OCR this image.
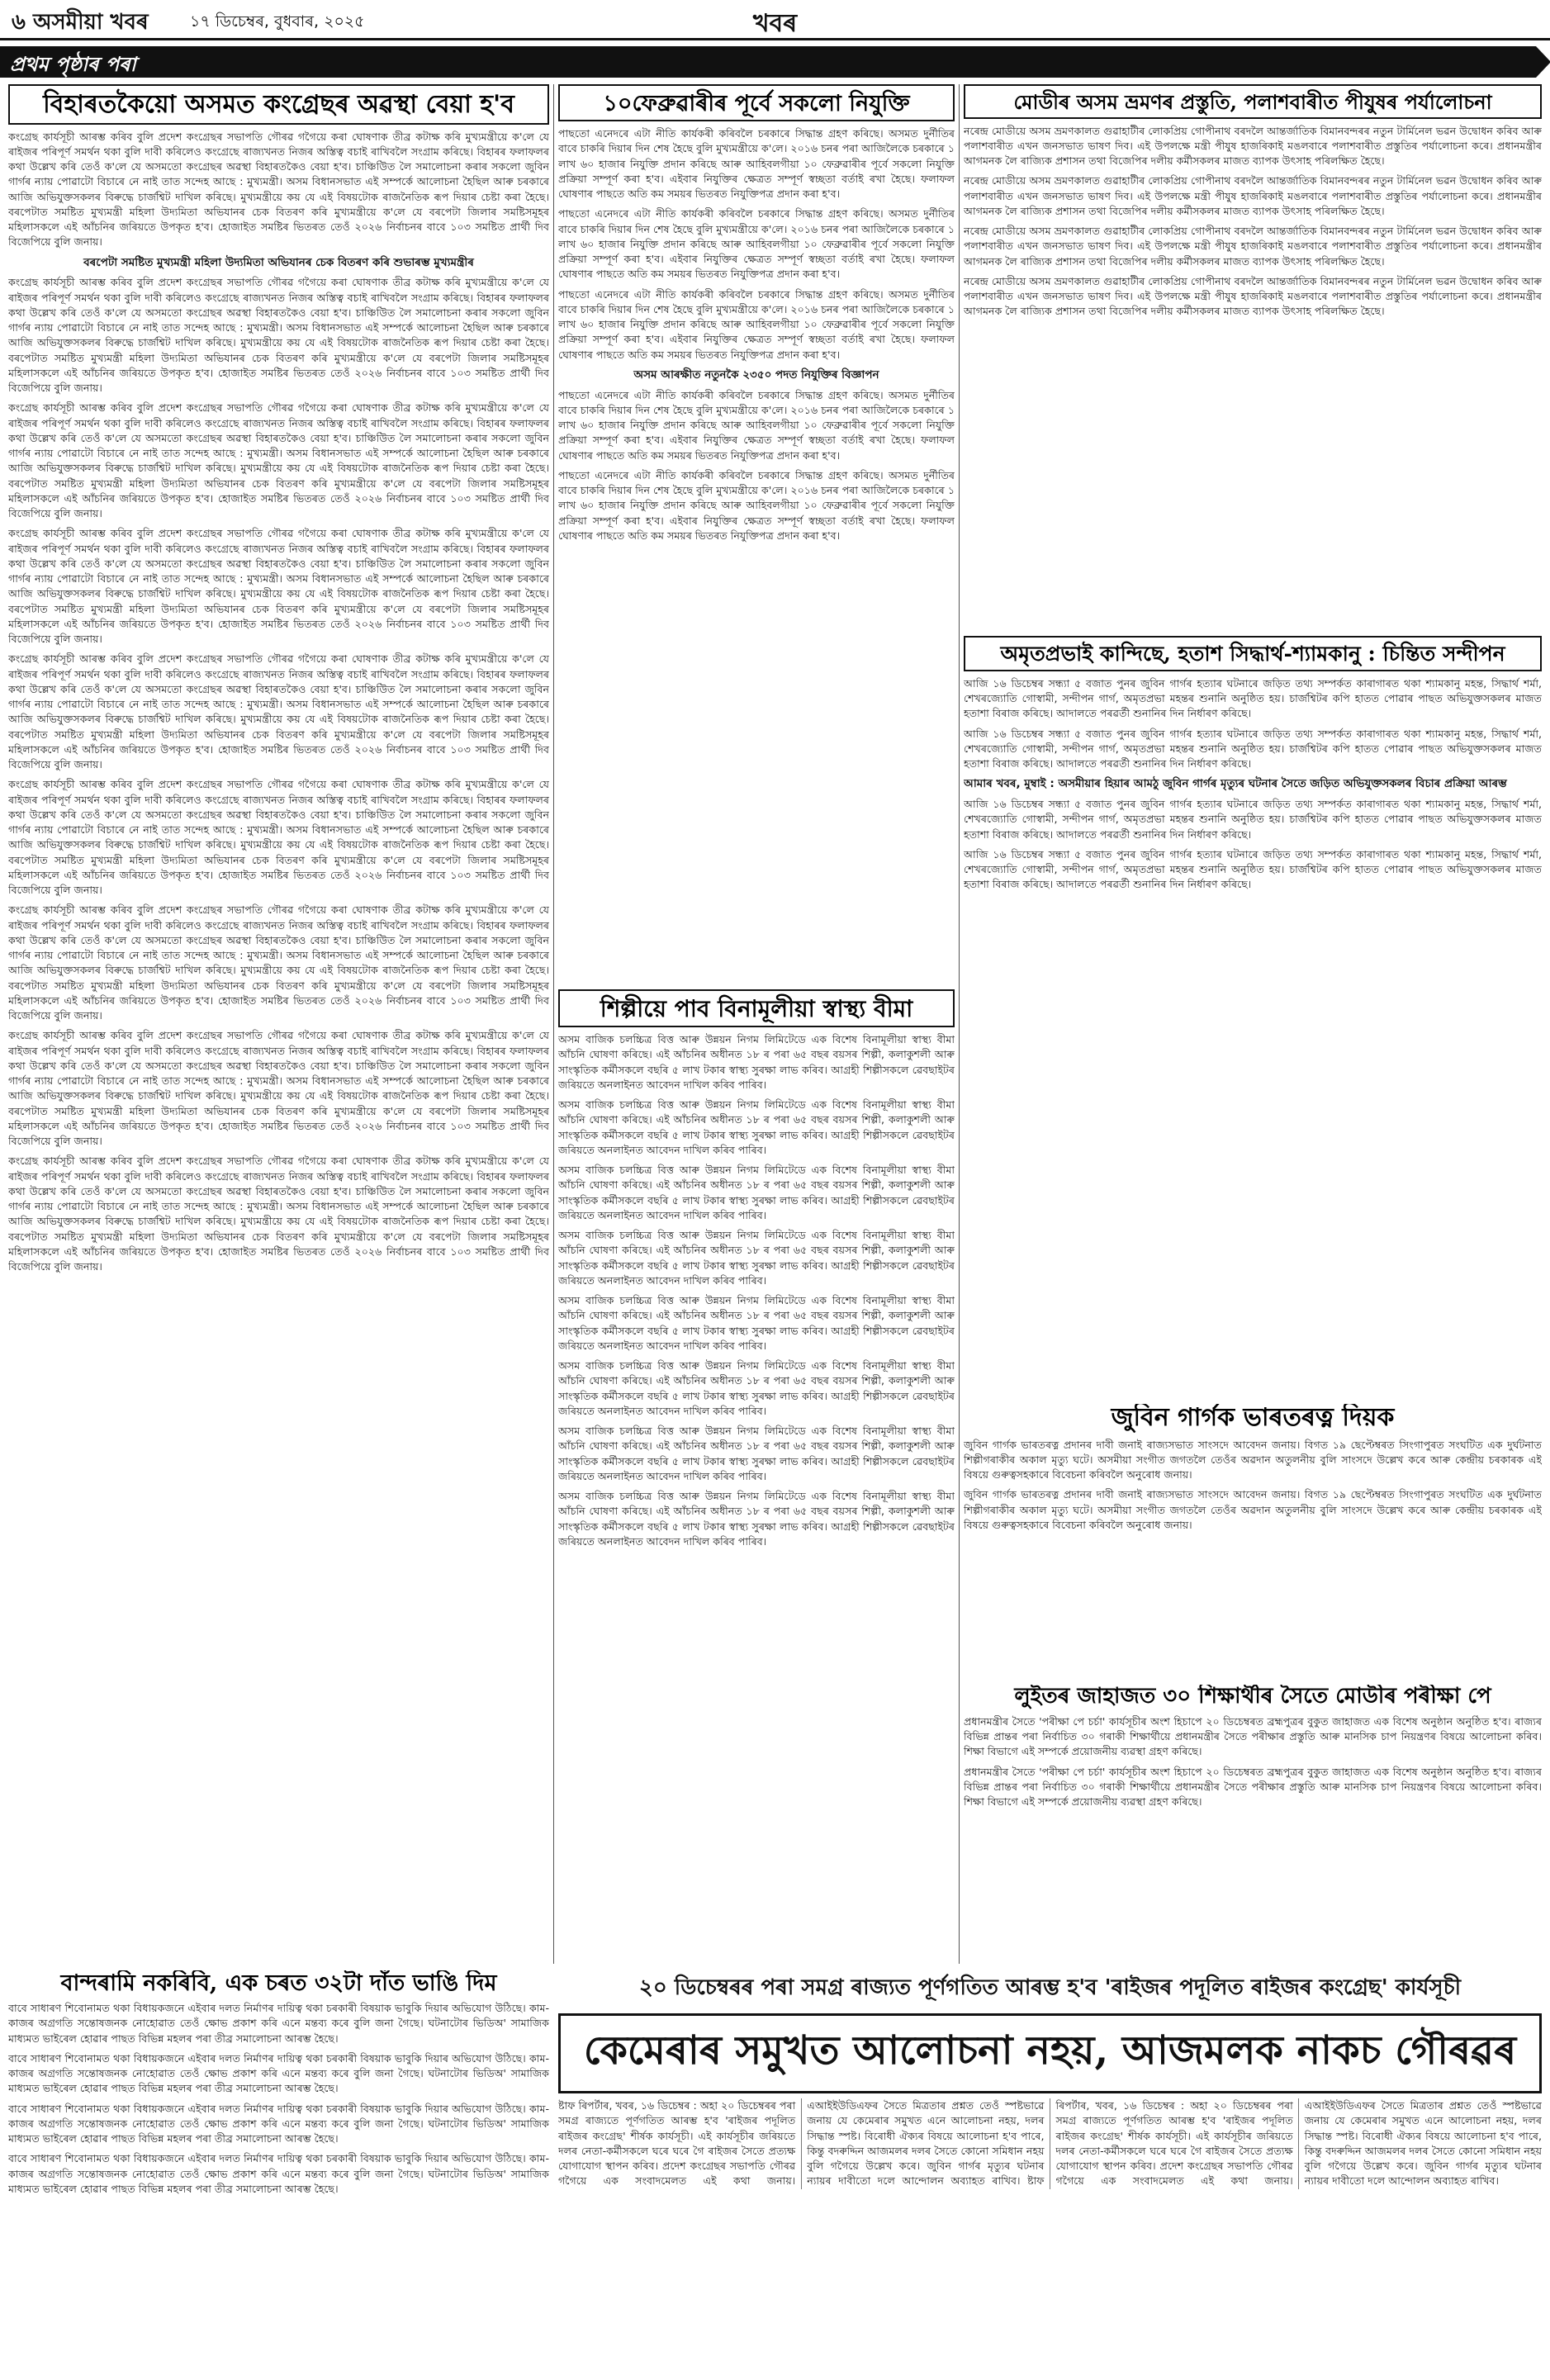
৬ অসমীয়া খবৰ	১৭ ডিচেম্বৰ, বুধবাৰ, ২০২৫	খবৰ
প্ৰথম পৃষ্ঠাৰ পৰা
বিহাৰতকৈয়ো অসমত কংগ্ৰেছৰ অৱস্থা বেয়া হ'ব
কংগ্ৰেছ কাৰ্যসূচী আৰম্ভ কৰিব বুলি প্ৰদেশ কংগ্ৰেছৰ সভাপতি গৌৰৱ গগৈয়ে কৰা ঘোষণাক তীব্ৰ কটাক্ষ কৰি মুখ্যমন্ত্ৰীয়ে ক'লে যে ৰাইজৰ পৰিপূৰ্ণ সমৰ্থন থকা বুলি দাবী কৰিলেও কংগ্ৰেছে ৰাজ্যখনত নিজৰ অস্তিত্ব বচাই ৰাখিবলৈ সংগ্ৰাম কৰিছে। বিহাৰৰ ফলাফলৰ কথা উল্লেখ কৰি তেওঁ ক'লে যে অসমতো কংগ্ৰেছৰ অৱস্থা বিহাৰতকৈও বেয়া হ'ব। চাঞ্চিউিত লৈ সমালোচনা কৰাৰ সকলো জুবিন গাৰ্গৰ ন্যায় পোৱাটো বিচাৰে নে নাই তাত সন্দেহ আছে : মুখ্যমন্ত্ৰী। অসম বিধানসভাত এই সম্পৰ্কে আলোচনা হৈছিল আৰু চৰকাৰে আজি অভিযুক্তসকলৰ বিৰুদ্ধে চাৰ্জশ্বিট দাখিল কৰিছে। মুখ্যমন্ত্ৰীয়ে কয় যে এই বিষয়টোক ৰাজনৈতিক ৰূপ দিয়াৰ চেষ্টা কৰা হৈছে। বৰপেটাত সমষ্টিত মুখ্যমন্ত্ৰী মহিলা উদ্যমিতা অভিযানৰ চেক বিতৰণ কৰি মুখ্যমন্ত্ৰীয়ে ক'লে যে বৰপেটা জিলাৰ সমষ্টিসমূহৰ মহিলাসকলে এই আঁচনিৰ জৰিয়তে উপকৃত হ'ব। হোজাইত সমষ্টিৰ ভিতৰত তেওঁ ২০২৬ নিৰ্বাচনৰ বাবে ১০৩ সমষ্টিত প্ৰাৰ্থী দিব বিজেপিয়ে বুলি জনায়।
বৰপেটা সমষ্টিত মুখ্যমন্ত্ৰী মহিলা উদ্যমিতা অভিযানৰ চেক বিতৰণ কৰি শুভাৰম্ভ মুখ্যমন্ত্ৰীৰ
কংগ্ৰেছ কাৰ্যসূচী আৰম্ভ কৰিব বুলি প্ৰদেশ কংগ্ৰেছৰ সভাপতি গৌৰৱ গগৈয়ে কৰা ঘোষণাক তীব্ৰ কটাক্ষ কৰি মুখ্যমন্ত্ৰীয়ে ক'লে যে ৰাইজৰ পৰিপূৰ্ণ সমৰ্থন থকা বুলি দাবী কৰিলেও কংগ্ৰেছে ৰাজ্যখনত নিজৰ অস্তিত্ব বচাই ৰাখিবলৈ সংগ্ৰাম কৰিছে। বিহাৰৰ ফলাফলৰ কথা উল্লেখ কৰি তেওঁ ক'লে যে অসমতো কংগ্ৰেছৰ অৱস্থা বিহাৰতকৈও বেয়া হ'ব। চাঞ্চিউিত লৈ সমালোচনা কৰাৰ সকলো জুবিন গাৰ্গৰ ন্যায় পোৱাটো বিচাৰে নে নাই তাত সন্দেহ আছে : মুখ্যমন্ত্ৰী। অসম বিধানসভাত এই সম্পৰ্কে আলোচনা হৈছিল আৰু চৰকাৰে আজি অভিযুক্তসকলৰ বিৰুদ্ধে চাৰ্জশ্বিট দাখিল কৰিছে। মুখ্যমন্ত্ৰীয়ে কয় যে এই বিষয়টোক ৰাজনৈতিক ৰূপ দিয়াৰ চেষ্টা কৰা হৈছে। বৰপেটাত সমষ্টিত মুখ্যমন্ত্ৰী মহিলা উদ্যমিতা অভিযানৰ চেক বিতৰণ কৰি মুখ্যমন্ত্ৰীয়ে ক'লে যে বৰপেটা জিলাৰ সমষ্টিসমূহৰ মহিলাসকলে এই আঁচনিৰ জৰিয়তে উপকৃত হ'ব। হোজাইত সমষ্টিৰ ভিতৰত তেওঁ ২০২৬ নিৰ্বাচনৰ বাবে ১০৩ সমষ্টিত প্ৰাৰ্থী দিব বিজেপিয়ে বুলি জনায়।
কংগ্ৰেছ কাৰ্যসূচী আৰম্ভ কৰিব বুলি প্ৰদেশ কংগ্ৰেছৰ সভাপতি গৌৰৱ গগৈয়ে কৰা ঘোষণাক তীব্ৰ কটাক্ষ কৰি মুখ্যমন্ত্ৰীয়ে ক'লে যে ৰাইজৰ পৰিপূৰ্ণ সমৰ্থন থকা বুলি দাবী কৰিলেও কংগ্ৰেছে ৰাজ্যখনত নিজৰ অস্তিত্ব বচাই ৰাখিবলৈ সংগ্ৰাম কৰিছে। বিহাৰৰ ফলাফলৰ কথা উল্লেখ কৰি তেওঁ ক'লে যে অসমতো কংগ্ৰেছৰ অৱস্থা বিহাৰতকৈও বেয়া হ'ব। চাঞ্চিউিত লৈ সমালোচনা কৰাৰ সকলো জুবিন গাৰ্গৰ ন্যায় পোৱাটো বিচাৰে নে নাই তাত সন্দেহ আছে : মুখ্যমন্ত্ৰী। অসম বিধানসভাত এই সম্পৰ্কে আলোচনা হৈছিল আৰু চৰকাৰে আজি অভিযুক্তসকলৰ বিৰুদ্ধে চাৰ্জশ্বিট দাখিল কৰিছে। মুখ্যমন্ত্ৰীয়ে কয় যে এই বিষয়টোক ৰাজনৈতিক ৰূপ দিয়াৰ চেষ্টা কৰা হৈছে। বৰপেটাত সমষ্টিত মুখ্যমন্ত্ৰী মহিলা উদ্যমিতা অভিযানৰ চেক বিতৰণ কৰি মুখ্যমন্ত্ৰীয়ে ক'লে যে বৰপেটা জিলাৰ সমষ্টিসমূহৰ মহিলাসকলে এই আঁচনিৰ জৰিয়তে উপকৃত হ'ব। হোজাইত সমষ্টিৰ ভিতৰত তেওঁ ২০২৬ নিৰ্বাচনৰ বাবে ১০৩ সমষ্টিত প্ৰাৰ্থী দিব বিজেপিয়ে বুলি জনায়।
কংগ্ৰেছ কাৰ্যসূচী আৰম্ভ কৰিব বুলি প্ৰদেশ কংগ্ৰেছৰ সভাপতি গৌৰৱ গগৈয়ে কৰা ঘোষণাক তীব্ৰ কটাক্ষ কৰি মুখ্যমন্ত্ৰীয়ে ক'লে যে ৰাইজৰ পৰিপূৰ্ণ সমৰ্থন থকা বুলি দাবী কৰিলেও কংগ্ৰেছে ৰাজ্যখনত নিজৰ অস্তিত্ব বচাই ৰাখিবলৈ সংগ্ৰাম কৰিছে। বিহাৰৰ ফলাফলৰ কথা উল্লেখ কৰি তেওঁ ক'লে যে অসমতো কংগ্ৰেছৰ অৱস্থা বিহাৰতকৈও বেয়া হ'ব। চাঞ্চিউিত লৈ সমালোচনা কৰাৰ সকলো জুবিন গাৰ্গৰ ন্যায় পোৱাটো বিচাৰে নে নাই তাত সন্দেহ আছে : মুখ্যমন্ত্ৰী। অসম বিধানসভাত এই সম্পৰ্কে আলোচনা হৈছিল আৰু চৰকাৰে আজি অভিযুক্তসকলৰ বিৰুদ্ধে চাৰ্জশ্বিট দাখিল কৰিছে। মুখ্যমন্ত্ৰীয়ে কয় যে এই বিষয়টোক ৰাজনৈতিক ৰূপ দিয়াৰ চেষ্টা কৰা হৈছে। বৰপেটাত সমষ্টিত মুখ্যমন্ত্ৰী মহিলা উদ্যমিতা অভিযানৰ চেক বিতৰণ কৰি মুখ্যমন্ত্ৰীয়ে ক'লে যে বৰপেটা জিলাৰ সমষ্টিসমূহৰ মহিলাসকলে এই আঁচনিৰ জৰিয়তে উপকৃত হ'ব। হোজাইত সমষ্টিৰ ভিতৰত তেওঁ ২০২৬ নিৰ্বাচনৰ বাবে ১০৩ সমষ্টিত প্ৰাৰ্থী দিব বিজেপিয়ে বুলি জনায়।
কংগ্ৰেছ কাৰ্যসূচী আৰম্ভ কৰিব বুলি প্ৰদেশ কংগ্ৰেছৰ সভাপতি গৌৰৱ গগৈয়ে কৰা ঘোষণাক তীব্ৰ কটাক্ষ কৰি মুখ্যমন্ত্ৰীয়ে ক'লে যে ৰাইজৰ পৰিপূৰ্ণ সমৰ্থন থকা বুলি দাবী কৰিলেও কংগ্ৰেছে ৰাজ্যখনত নিজৰ অস্তিত্ব বচাই ৰাখিবলৈ সংগ্ৰাম কৰিছে। বিহাৰৰ ফলাফলৰ কথা উল্লেখ কৰি তেওঁ ক'লে যে অসমতো কংগ্ৰেছৰ অৱস্থা বিহাৰতকৈও বেয়া হ'ব। চাঞ্চিউিত লৈ সমালোচনা কৰাৰ সকলো জুবিন গাৰ্গৰ ন্যায় পোৱাটো বিচাৰে নে নাই তাত সন্দেহ আছে : মুখ্যমন্ত্ৰী। অসম বিধানসভাত এই সম্পৰ্কে আলোচনা হৈছিল আৰু চৰকাৰে আজি অভিযুক্তসকলৰ বিৰুদ্ধে চাৰ্জশ্বিট দাখিল কৰিছে। মুখ্যমন্ত্ৰীয়ে কয় যে এই বিষয়টোক ৰাজনৈতিক ৰূপ দিয়াৰ চেষ্টা কৰা হৈছে। বৰপেটাত সমষ্টিত মুখ্যমন্ত্ৰী মহিলা উদ্যমিতা অভিযানৰ চেক বিতৰণ কৰি মুখ্যমন্ত্ৰীয়ে ক'লে যে বৰপেটা জিলাৰ সমষ্টিসমূহৰ মহিলাসকলে এই আঁচনিৰ জৰিয়তে উপকৃত হ'ব। হোজাইত সমষ্টিৰ ভিতৰত তেওঁ ২০২৬ নিৰ্বাচনৰ বাবে ১০৩ সমষ্টিত প্ৰাৰ্থী দিব বিজেপিয়ে বুলি জনায়।
কংগ্ৰেছ কাৰ্যসূচী আৰম্ভ কৰিব বুলি প্ৰদেশ কংগ্ৰেছৰ সভাপতি গৌৰৱ গগৈয়ে কৰা ঘোষণাক তীব্ৰ কটাক্ষ কৰি মুখ্যমন্ত্ৰীয়ে ক'লে যে ৰাইজৰ পৰিপূৰ্ণ সমৰ্থন থকা বুলি দাবী কৰিলেও কংগ্ৰেছে ৰাজ্যখনত নিজৰ অস্তিত্ব বচাই ৰাখিবলৈ সংগ্ৰাম কৰিছে। বিহাৰৰ ফলাফলৰ কথা উল্লেখ কৰি তেওঁ ক'লে যে অসমতো কংগ্ৰেছৰ অৱস্থা বিহাৰতকৈও বেয়া হ'ব। চাঞ্চিউিত লৈ সমালোচনা কৰাৰ সকলো জুবিন গাৰ্গৰ ন্যায় পোৱাটো বিচাৰে নে নাই তাত সন্দেহ আছে : মুখ্যমন্ত্ৰী। অসম বিধানসভাত এই সম্পৰ্কে আলোচনা হৈছিল আৰু চৰকাৰে আজি অভিযুক্তসকলৰ বিৰুদ্ধে চাৰ্জশ্বিট দাখিল কৰিছে। মুখ্যমন্ত্ৰীয়ে কয় যে এই বিষয়টোক ৰাজনৈতিক ৰূপ দিয়াৰ চেষ্টা কৰা হৈছে। বৰপেটাত সমষ্টিত মুখ্যমন্ত্ৰী মহিলা উদ্যমিতা অভিযানৰ চেক বিতৰণ কৰি মুখ্যমন্ত্ৰীয়ে ক'লে যে বৰপেটা জিলাৰ সমষ্টিসমূহৰ মহিলাসকলে এই আঁচনিৰ জৰিয়তে উপকৃত হ'ব। হোজাইত সমষ্টিৰ ভিতৰত তেওঁ ২০২৬ নিৰ্বাচনৰ বাবে ১০৩ সমষ্টিত প্ৰাৰ্থী দিব বিজেপিয়ে বুলি জনায়।
কংগ্ৰেছ কাৰ্যসূচী আৰম্ভ কৰিব বুলি প্ৰদেশ কংগ্ৰেছৰ সভাপতি গৌৰৱ গগৈয়ে কৰা ঘোষণাক তীব্ৰ কটাক্ষ কৰি মুখ্যমন্ত্ৰীয়ে ক'লে যে ৰাইজৰ পৰিপূৰ্ণ সমৰ্থন থকা বুলি দাবী কৰিলেও কংগ্ৰেছে ৰাজ্যখনত নিজৰ অস্তিত্ব বচাই ৰাখিবলৈ সংগ্ৰাম কৰিছে। বিহাৰৰ ফলাফলৰ কথা উল্লেখ কৰি তেওঁ ক'লে যে অসমতো কংগ্ৰেছৰ অৱস্থা বিহাৰতকৈও বেয়া হ'ব। চাঞ্চিউিত লৈ সমালোচনা কৰাৰ সকলো জুবিন গাৰ্গৰ ন্যায় পোৱাটো বিচাৰে নে নাই তাত সন্দেহ আছে : মুখ্যমন্ত্ৰী। অসম বিধানসভাত এই সম্পৰ্কে আলোচনা হৈছিল আৰু চৰকাৰে আজি অভিযুক্তসকলৰ বিৰুদ্ধে চাৰ্জশ্বিট দাখিল কৰিছে। মুখ্যমন্ত্ৰীয়ে কয় যে এই বিষয়টোক ৰাজনৈতিক ৰূপ দিয়াৰ চেষ্টা কৰা হৈছে। বৰপেটাত সমষ্টিত মুখ্যমন্ত্ৰী মহিলা উদ্যমিতা অভিযানৰ চেক বিতৰণ কৰি মুখ্যমন্ত্ৰীয়ে ক'লে যে বৰপেটা জিলাৰ সমষ্টিসমূহৰ মহিলাসকলে এই আঁচনিৰ জৰিয়তে উপকৃত হ'ব। হোজাইত সমষ্টিৰ ভিতৰত তেওঁ ২০২৬ নিৰ্বাচনৰ বাবে ১০৩ সমষ্টিত প্ৰাৰ্থী দিব বিজেপিয়ে বুলি জনায়।
কংগ্ৰেছ কাৰ্যসূচী আৰম্ভ কৰিব বুলি প্ৰদেশ কংগ্ৰেছৰ সভাপতি গৌৰৱ গগৈয়ে কৰা ঘোষণাক তীব্ৰ কটাক্ষ কৰি মুখ্যমন্ত্ৰীয়ে ক'লে যে ৰাইজৰ পৰিপূৰ্ণ সমৰ্থন থকা বুলি দাবী কৰিলেও কংগ্ৰেছে ৰাজ্যখনত নিজৰ অস্তিত্ব বচাই ৰাখিবলৈ সংগ্ৰাম কৰিছে। বিহাৰৰ ফলাফলৰ কথা উল্লেখ কৰি তেওঁ ক'লে যে অসমতো কংগ্ৰেছৰ অৱস্থা বিহাৰতকৈও বেয়া হ'ব। চাঞ্চিউিত লৈ সমালোচনা কৰাৰ সকলো জুবিন গাৰ্গৰ ন্যায় পোৱাটো বিচাৰে নে নাই তাত সন্দেহ আছে : মুখ্যমন্ত্ৰী। অসম বিধানসভাত এই সম্পৰ্কে আলোচনা হৈছিল আৰু চৰকাৰে আজি অভিযুক্তসকলৰ বিৰুদ্ধে চাৰ্জশ্বিট দাখিল কৰিছে। মুখ্যমন্ত্ৰীয়ে কয় যে এই বিষয়টোক ৰাজনৈতিক ৰূপ দিয়াৰ চেষ্টা কৰা হৈছে। বৰপেটাত সমষ্টিত মুখ্যমন্ত্ৰী মহিলা উদ্যমিতা অভিযানৰ চেক বিতৰণ কৰি মুখ্যমন্ত্ৰীয়ে ক'লে যে বৰপেটা জিলাৰ সমষ্টিসমূহৰ মহিলাসকলে এই আঁচনিৰ জৰিয়তে উপকৃত হ'ব। হোজাইত সমষ্টিৰ ভিতৰত তেওঁ ২০২৬ নিৰ্বাচনৰ বাবে ১০৩ সমষ্টিত প্ৰাৰ্থী দিব বিজেপিয়ে বুলি জনায়।
কংগ্ৰেছ কাৰ্যসূচী আৰম্ভ কৰিব বুলি প্ৰদেশ কংগ্ৰেছৰ সভাপতি গৌৰৱ গগৈয়ে কৰা ঘোষণাক তীব্ৰ কটাক্ষ কৰি মুখ্যমন্ত্ৰীয়ে ক'লে যে ৰাইজৰ পৰিপূৰ্ণ সমৰ্থন থকা বুলি দাবী কৰিলেও কংগ্ৰেছে ৰাজ্যখনত নিজৰ অস্তিত্ব বচাই ৰাখিবলৈ সংগ্ৰাম কৰিছে। বিহাৰৰ ফলাফলৰ কথা উল্লেখ কৰি তেওঁ ক'লে যে অসমতো কংগ্ৰেছৰ অৱস্থা বিহাৰতকৈও বেয়া হ'ব। চাঞ্চিউিত লৈ সমালোচনা কৰাৰ সকলো জুবিন গাৰ্গৰ ন্যায় পোৱাটো বিচাৰে নে নাই তাত সন্দেহ আছে : মুখ্যমন্ত্ৰী। অসম বিধানসভাত এই সম্পৰ্কে আলোচনা হৈছিল আৰু চৰকাৰে আজি অভিযুক্তসকলৰ বিৰুদ্ধে চাৰ্জশ্বিট দাখিল কৰিছে। মুখ্যমন্ত্ৰীয়ে কয় যে এই বিষয়টোক ৰাজনৈতিক ৰূপ দিয়াৰ চেষ্টা কৰা হৈছে। বৰপেটাত সমষ্টিত মুখ্যমন্ত্ৰী মহিলা উদ্যমিতা অভিযানৰ চেক বিতৰণ কৰি মুখ্যমন্ত্ৰীয়ে ক'লে যে বৰপেটা জিলাৰ সমষ্টিসমূহৰ মহিলাসকলে এই আঁচনিৰ জৰিয়তে উপকৃত হ'ব। হোজাইত সমষ্টিৰ ভিতৰত তেওঁ ২০২৬ নিৰ্বাচনৰ বাবে ১০৩ সমষ্টিত প্ৰাৰ্থী দিব বিজেপিয়ে বুলি জনায়।
১০ফেব্ৰুৱাৰীৰ পূৰ্বে সকলো নিযুক্তি
পাছতো এনেদৰে এটা নীতি কাৰ্যকৰী কৰিবলৈ চৰকাৰে সিদ্ধান্ত গ্ৰহণ কৰিছে। অসমত দুৰ্নীতিৰ বাবে চাকৰি দিয়াৰ দিন শেষ হৈছে বুলি মুখ্যমন্ত্ৰীয়ে ক'লে। ২০১৬ চনৰ পৰা আজিলৈকে চৰকাৰে ১ লাখ ৬০ হাজাৰ নিযুক্তি প্ৰদান কৰিছে আৰু আহিবলগীয়া ১০ ফেব্ৰুৱাৰীৰ পূৰ্বে সকলো নিযুক্তি প্ৰক্ৰিয়া সম্পূৰ্ণ কৰা হ'ব। এইবাৰ নিযুক্তিৰ ক্ষেত্ৰত সম্পূৰ্ণ স্বচ্ছতা বৰ্তাই ৰখা হৈছে। ফলাফল ঘোষণাৰ পাছতে অতি কম সময়ৰ ভিতৰত নিযুক্তিপত্ৰ প্ৰদান কৰা হ'ব।
পাছতো এনেদৰে এটা নীতি কাৰ্যকৰী কৰিবলৈ চৰকাৰে সিদ্ধান্ত গ্ৰহণ কৰিছে। অসমত দুৰ্নীতিৰ বাবে চাকৰি দিয়াৰ দিন শেষ হৈছে বুলি মুখ্যমন্ত্ৰীয়ে ক'লে। ২০১৬ চনৰ পৰা আজিলৈকে চৰকাৰে ১ লাখ ৬০ হাজাৰ নিযুক্তি প্ৰদান কৰিছে আৰু আহিবলগীয়া ১০ ফেব্ৰুৱাৰীৰ পূৰ্বে সকলো নিযুক্তি প্ৰক্ৰিয়া সম্পূৰ্ণ কৰা হ'ব। এইবাৰ নিযুক্তিৰ ক্ষেত্ৰত সম্পূৰ্ণ স্বচ্ছতা বৰ্তাই ৰখা হৈছে। ফলাফল ঘোষণাৰ পাছতে অতি কম সময়ৰ ভিতৰত নিযুক্তিপত্ৰ প্ৰদান কৰা হ'ব।
পাছতো এনেদৰে এটা নীতি কাৰ্যকৰী কৰিবলৈ চৰকাৰে সিদ্ধান্ত গ্ৰহণ কৰিছে। অসমত দুৰ্নীতিৰ বাবে চাকৰি দিয়াৰ দিন শেষ হৈছে বুলি মুখ্যমন্ত্ৰীয়ে ক'লে। ২০১৬ চনৰ পৰা আজিলৈকে চৰকাৰে ১ লাখ ৬০ হাজাৰ নিযুক্তি প্ৰদান কৰিছে আৰু আহিবলগীয়া ১০ ফেব্ৰুৱাৰীৰ পূৰ্বে সকলো নিযুক্তি প্ৰক্ৰিয়া সম্পূৰ্ণ কৰা হ'ব। এইবাৰ নিযুক্তিৰ ক্ষেত্ৰত সম্পূৰ্ণ স্বচ্ছতা বৰ্তাই ৰখা হৈছে। ফলাফল ঘোষণাৰ পাছতে অতি কম সময়ৰ ভিতৰত নিযুক্তিপত্ৰ প্ৰদান কৰা হ'ব।
অসম আৰক্ষীত নতুনকৈ ২৩৫০ পদত নিযুক্তিৰ বিজ্ঞাপন
পাছতো এনেদৰে এটা নীতি কাৰ্যকৰী কৰিবলৈ চৰকাৰে সিদ্ধান্ত গ্ৰহণ কৰিছে। অসমত দুৰ্নীতিৰ বাবে চাকৰি দিয়াৰ দিন শেষ হৈছে বুলি মুখ্যমন্ত্ৰীয়ে ক'লে। ২০১৬ চনৰ পৰা আজিলৈকে চৰকাৰে ১ লাখ ৬০ হাজাৰ নিযুক্তি প্ৰদান কৰিছে আৰু আহিবলগীয়া ১০ ফেব্ৰুৱাৰীৰ পূৰ্বে সকলো নিযুক্তি প্ৰক্ৰিয়া সম্পূৰ্ণ কৰা হ'ব। এইবাৰ নিযুক্তিৰ ক্ষেত্ৰত সম্পূৰ্ণ স্বচ্ছতা বৰ্তাই ৰখা হৈছে। ফলাফল ঘোষণাৰ পাছতে অতি কম সময়ৰ ভিতৰত নিযুক্তিপত্ৰ প্ৰদান কৰা হ'ব।
পাছতো এনেদৰে এটা নীতি কাৰ্যকৰী কৰিবলৈ চৰকাৰে সিদ্ধান্ত গ্ৰহণ কৰিছে। অসমত দুৰ্নীতিৰ বাবে চাকৰি দিয়াৰ দিন শেষ হৈছে বুলি মুখ্যমন্ত্ৰীয়ে ক'লে। ২০১৬ চনৰ পৰা আজিলৈকে চৰকাৰে ১ লাখ ৬০ হাজাৰ নিযুক্তি প্ৰদান কৰিছে আৰু আহিবলগীয়া ১০ ফেব্ৰুৱাৰীৰ পূৰ্বে সকলো নিযুক্তি প্ৰক্ৰিয়া সম্পূৰ্ণ কৰা হ'ব। এইবাৰ নিযুক্তিৰ ক্ষেত্ৰত সম্পূৰ্ণ স্বচ্ছতা বৰ্তাই ৰখা হৈছে। ফলাফল ঘোষণাৰ পাছতে অতি কম সময়ৰ ভিতৰত নিযুক্তিপত্ৰ প্ৰদান কৰা হ'ব।
শিল্পীয়ে পাব বিনামূলীয়া স্বাস্থ্য বীমা
অসম বাজিক চলচ্চিত্ৰ বিত্ত আৰু উন্নয়ন নিগম লিমিটেডে এক বিশেষ বিনামূলীয়া স্বাস্থ্য বীমা আঁচনি ঘোষণা কৰিছে। এই আঁচনিৰ অধীনত ১৮ ৰ পৰা ৬৫ বছৰ বয়সৰ শিল্পী, কলাকুশলী আৰু সাংস্কৃতিক কৰ্মীসকলে বছৰি ৫ লাখ টকাৰ স্বাস্থ্য সুৰক্ষা লাভ কৰিব। আগ্ৰহী শিল্পীসকলে ৱেবছাইটৰ জৰিয়তে অনলাইনত আবেদন দাখিল কৰিব পাৰিব।
অসম বাজিক চলচ্চিত্ৰ বিত্ত আৰু উন্নয়ন নিগম লিমিটেডে এক বিশেষ বিনামূলীয়া স্বাস্থ্য বীমা আঁচনি ঘোষণা কৰিছে। এই আঁচনিৰ অধীনত ১৮ ৰ পৰা ৬৫ বছৰ বয়সৰ শিল্পী, কলাকুশলী আৰু সাংস্কৃতিক কৰ্মীসকলে বছৰি ৫ লাখ টকাৰ স্বাস্থ্য সুৰক্ষা লাভ কৰিব। আগ্ৰহী শিল্পীসকলে ৱেবছাইটৰ জৰিয়তে অনলাইনত আবেদন দাখিল কৰিব পাৰিব।
অসম বাজিক চলচ্চিত্ৰ বিত্ত আৰু উন্নয়ন নিগম লিমিটেডে এক বিশেষ বিনামূলীয়া স্বাস্থ্য বীমা আঁচনি ঘোষণা কৰিছে। এই আঁচনিৰ অধীনত ১৮ ৰ পৰা ৬৫ বছৰ বয়সৰ শিল্পী, কলাকুশলী আৰু সাংস্কৃতিক কৰ্মীসকলে বছৰি ৫ লাখ টকাৰ স্বাস্থ্য সুৰক্ষা লাভ কৰিব। আগ্ৰহী শিল্পীসকলে ৱেবছাইটৰ জৰিয়তে অনলাইনত আবেদন দাখিল কৰিব পাৰিব।
অসম বাজিক চলচ্চিত্ৰ বিত্ত আৰু উন্নয়ন নিগম লিমিটেডে এক বিশেষ বিনামূলীয়া স্বাস্থ্য বীমা আঁচনি ঘোষণা কৰিছে। এই আঁচনিৰ অধীনত ১৮ ৰ পৰা ৬৫ বছৰ বয়সৰ শিল্পী, কলাকুশলী আৰু সাংস্কৃতিক কৰ্মীসকলে বছৰি ৫ লাখ টকাৰ স্বাস্থ্য সুৰক্ষা লাভ কৰিব। আগ্ৰহী শিল্পীসকলে ৱেবছাইটৰ জৰিয়তে অনলাইনত আবেদন দাখিল কৰিব পাৰিব।
অসম বাজিক চলচ্চিত্ৰ বিত্ত আৰু উন্নয়ন নিগম লিমিটেডে এক বিশেষ বিনামূলীয়া স্বাস্থ্য বীমা আঁচনি ঘোষণা কৰিছে। এই আঁচনিৰ অধীনত ১৮ ৰ পৰা ৬৫ বছৰ বয়সৰ শিল্পী, কলাকুশলী আৰু সাংস্কৃতিক কৰ্মীসকলে বছৰি ৫ লাখ টকাৰ স্বাস্থ্য সুৰক্ষা লাভ কৰিব। আগ্ৰহী শিল্পীসকলে ৱেবছাইটৰ জৰিয়তে অনলাইনত আবেদন দাখিল কৰিব পাৰিব।
অসম বাজিক চলচ্চিত্ৰ বিত্ত আৰু উন্নয়ন নিগম লিমিটেডে এক বিশেষ বিনামূলীয়া স্বাস্থ্য বীমা আঁচনি ঘোষণা কৰিছে। এই আঁচনিৰ অধীনত ১৮ ৰ পৰা ৬৫ বছৰ বয়সৰ শিল্পী, কলাকুশলী আৰু সাংস্কৃতিক কৰ্মীসকলে বছৰি ৫ লাখ টকাৰ স্বাস্থ্য সুৰক্ষা লাভ কৰিব। আগ্ৰহী শিল্পীসকলে ৱেবছাইটৰ জৰিয়তে অনলাইনত আবেদন দাখিল কৰিব পাৰিব।
অসম বাজিক চলচ্চিত্ৰ বিত্ত আৰু উন্নয়ন নিগম লিমিটেডে এক বিশেষ বিনামূলীয়া স্বাস্থ্য বীমা আঁচনি ঘোষণা কৰিছে। এই আঁচনিৰ অধীনত ১৮ ৰ পৰা ৬৫ বছৰ বয়সৰ শিল্পী, কলাকুশলী আৰু সাংস্কৃতিক কৰ্মীসকলে বছৰি ৫ লাখ টকাৰ স্বাস্থ্য সুৰক্ষা লাভ কৰিব। আগ্ৰহী শিল্পীসকলে ৱেবছাইটৰ জৰিয়তে অনলাইনত আবেদন দাখিল কৰিব পাৰিব।
অসম বাজিক চলচ্চিত্ৰ বিত্ত আৰু উন্নয়ন নিগম লিমিটেডে এক বিশেষ বিনামূলীয়া স্বাস্থ্য বীমা আঁচনি ঘোষণা কৰিছে। এই আঁচনিৰ অধীনত ১৮ ৰ পৰা ৬৫ বছৰ বয়সৰ শিল্পী, কলাকুশলী আৰু সাংস্কৃতিক কৰ্মীসকলে বছৰি ৫ লাখ টকাৰ স্বাস্থ্য সুৰক্ষা লাভ কৰিব। আগ্ৰহী শিল্পীসকলে ৱেবছাইটৰ জৰিয়তে অনলাইনত আবেদন দাখিল কৰিব পাৰিব।
মোডীৰ অসম ভ্ৰমণৰ প্ৰস্তুতি, পলাশবাৰীত পীযুষৰ পৰ্যালোচনা
নৰেন্দ্ৰ মোডীয়ে অসম ভ্ৰমণকালত গুৱাহাটীৰ লোকপ্ৰিয় গোপীনাথ বৰদলৈ আন্তৰ্জাতিক বিমানবন্দৰৰ নতুন টাৰ্মিনেল ভৱন উদ্বোধন কৰিব আৰু পলাশবাৰীত এখন জনসভাত ভাষণ দিব। এই উপলক্ষে মন্ত্ৰী পীযুষ হাজৰিকাই মঙলবাৰে পলাশবাৰীত প্ৰস্তুতিৰ পৰ্যালোচনা কৰে। প্ৰধানমন্ত্ৰীৰ আগমনক লৈ ৰাজ্যিক প্ৰশাসন তথা বিজেপিৰ দলীয় কৰ্মীসকলৰ মাজত ব্যাপক উৎসাহ পৰিলক্ষিত হৈছে।
নৰেন্দ্ৰ মোডীয়ে অসম ভ্ৰমণকালত গুৱাহাটীৰ লোকপ্ৰিয় গোপীনাথ বৰদলৈ আন্তৰ্জাতিক বিমানবন্দৰৰ নতুন টাৰ্মিনেল ভৱন উদ্বোধন কৰিব আৰু পলাশবাৰীত এখন জনসভাত ভাষণ দিব। এই উপলক্ষে মন্ত্ৰী পীযুষ হাজৰিকাই মঙলবাৰে পলাশবাৰীত প্ৰস্তুতিৰ পৰ্যালোচনা কৰে। প্ৰধানমন্ত্ৰীৰ আগমনক লৈ ৰাজ্যিক প্ৰশাসন তথা বিজেপিৰ দলীয় কৰ্মীসকলৰ মাজত ব্যাপক উৎসাহ পৰিলক্ষিত হৈছে।
নৰেন্দ্ৰ মোডীয়ে অসম ভ্ৰমণকালত গুৱাহাটীৰ লোকপ্ৰিয় গোপীনাথ বৰদলৈ আন্তৰ্জাতিক বিমানবন্দৰৰ নতুন টাৰ্মিনেল ভৱন উদ্বোধন কৰিব আৰু পলাশবাৰীত এখন জনসভাত ভাষণ দিব। এই উপলক্ষে মন্ত্ৰী পীযুষ হাজৰিকাই মঙলবাৰে পলাশবাৰীত প্ৰস্তুতিৰ পৰ্যালোচনা কৰে। প্ৰধানমন্ত্ৰীৰ আগমনক লৈ ৰাজ্যিক প্ৰশাসন তথা বিজেপিৰ দলীয় কৰ্মীসকলৰ মাজত ব্যাপক উৎসাহ পৰিলক্ষিত হৈছে।
নৰেন্দ্ৰ মোডীয়ে অসম ভ্ৰমণকালত গুৱাহাটীৰ লোকপ্ৰিয় গোপীনাথ বৰদলৈ আন্তৰ্জাতিক বিমানবন্দৰৰ নতুন টাৰ্মিনেল ভৱন উদ্বোধন কৰিব আৰু পলাশবাৰীত এখন জনসভাত ভাষণ দিব। এই উপলক্ষে মন্ত্ৰী পীযুষ হাজৰিকাই মঙলবাৰে পলাশবাৰীত প্ৰস্তুতিৰ পৰ্যালোচনা কৰে। প্ৰধানমন্ত্ৰীৰ আগমনক লৈ ৰাজ্যিক প্ৰশাসন তথা বিজেপিৰ দলীয় কৰ্মীসকলৰ মাজত ব্যাপক উৎসাহ পৰিলক্ষিত হৈছে।
অমৃতপ্ৰভাই কান্দিছে, হতাশ সিদ্ধাৰ্থ-শ্যামকানু : চিন্তিত সন্দীপন
আজি ১৬ ডিচেম্বৰ সন্ধ্যা ৫ বজাত পুনৰ জুবিন গাৰ্গৰ হত্যাৰ ঘটনাৰে জড়িত তথ্য সম্পৰ্কত কাৰাগাৰত থকা শ্যামকানু মহন্ত, সিদ্ধাৰ্থ শৰ্মা, শেখৰজ্যোতি গোস্বামী, সন্দীপন গাৰ্গ, অমৃতপ্ৰভা মহন্তৰ শুনানি অনুষ্ঠিত হয়। চাৰ্জশ্বিটৰ কপি হাতত পোৱাৰ পাছত অভিযুক্তসকলৰ মাজত হতাশা বিৰাজ কৰিছে। আদালতে পৰৱৰ্তী শুনানিৰ দিন নিৰ্ধাৰণ কৰিছে।
আজি ১৬ ডিচেম্বৰ সন্ধ্যা ৫ বজাত পুনৰ জুবিন গাৰ্গৰ হত্যাৰ ঘটনাৰে জড়িত তথ্য সম্পৰ্কত কাৰাগাৰত থকা শ্যামকানু মহন্ত, সিদ্ধাৰ্থ শৰ্মা, শেখৰজ্যোতি গোস্বামী, সন্দীপন গাৰ্গ, অমৃতপ্ৰভা মহন্তৰ শুনানি অনুষ্ঠিত হয়। চাৰ্জশ্বিটৰ কপি হাতত পোৱাৰ পাছত অভিযুক্তসকলৰ মাজত হতাশা বিৰাজ কৰিছে। আদালতে পৰৱৰ্তী শুনানিৰ দিন নিৰ্ধাৰণ কৰিছে।
আমাৰ খবৰ, মুম্বাই : অসমীয়াৰ হিয়াৰ আমঠু জুবিন গাৰ্গৰ মৃত্যুৰ ঘটনাৰ সৈতে জড়িত অভিযুক্তসকলৰ বিচাৰ প্ৰক্ৰিয়া আৰম্ভ
আজি ১৬ ডিচেম্বৰ সন্ধ্যা ৫ বজাত পুনৰ জুবিন গাৰ্গৰ হত্যাৰ ঘটনাৰে জড়িত তথ্য সম্পৰ্কত কাৰাগাৰত থকা শ্যামকানু মহন্ত, সিদ্ধাৰ্থ শৰ্মা, শেখৰজ্যোতি গোস্বামী, সন্দীপন গাৰ্গ, অমৃতপ্ৰভা মহন্তৰ শুনানি অনুষ্ঠিত হয়। চাৰ্জশ্বিটৰ কপি হাতত পোৱাৰ পাছত অভিযুক্তসকলৰ মাজত হতাশা বিৰাজ কৰিছে। আদালতে পৰৱৰ্তী শুনানিৰ দিন নিৰ্ধাৰণ কৰিছে।
আজি ১৬ ডিচেম্বৰ সন্ধ্যা ৫ বজাত পুনৰ জুবিন গাৰ্গৰ হত্যাৰ ঘটনাৰে জড়িত তথ্য সম্পৰ্কত কাৰাগাৰত থকা শ্যামকানু মহন্ত, সিদ্ধাৰ্থ শৰ্মা, শেখৰজ্যোতি গোস্বামী, সন্দীপন গাৰ্গ, অমৃতপ্ৰভা মহন্তৰ শুনানি অনুষ্ঠিত হয়। চাৰ্জশ্বিটৰ কপি হাতত পোৱাৰ পাছত অভিযুক্তসকলৰ মাজত হতাশা বিৰাজ কৰিছে। আদালতে পৰৱৰ্তী শুনানিৰ দিন নিৰ্ধাৰণ কৰিছে।
জুবিন গাৰ্গক ভাৰতৰত্ন দিয়ক
জুবিন গাৰ্গক ভাৰতৰত্ন প্ৰদানৰ দাবী জনাই ৰাজ্যসভাত সাংসদে আবেদন জনায়। বিগত ১৯ ছেপ্টেম্বৰত সিংগাপুৰত সংঘটিত এক দুৰ্ঘটনাত শিল্পীগৰাকীৰ অকাল মৃত্যু ঘটে। অসমীয়া সংগীত জগতলৈ তেওঁৰ অৱদান অতুলনীয় বুলি সাংসদে উল্লেখ কৰে আৰু কেন্দ্ৰীয় চৰকাৰক এই বিষয়ে গুৰুত্বসহকাৰে বিবেচনা কৰিবলৈ অনুৰোধ জনায়।
জুবিন গাৰ্গক ভাৰতৰত্ন প্ৰদানৰ দাবী জনাই ৰাজ্যসভাত সাংসদে আবেদন জনায়। বিগত ১৯ ছেপ্টেম্বৰত সিংগাপুৰত সংঘটিত এক দুৰ্ঘটনাত শিল্পীগৰাকীৰ অকাল মৃত্যু ঘটে। অসমীয়া সংগীত জগতলৈ তেওঁৰ অৱদান অতুলনীয় বুলি সাংসদে উল্লেখ কৰে আৰু কেন্দ্ৰীয় চৰকাৰক এই বিষয়ে গুৰুত্বসহকাৰে বিবেচনা কৰিবলৈ অনুৰোধ জনায়।
লুইতৰ জাহাজত ৩০ শিক্ষাৰ্থীৰ সৈতে মোডীৰ পৰীক্ষা পে
প্ৰধানমন্ত্ৰীৰ সৈতে 'পৰীক্ষা পে চৰ্চা' কাৰ্যসূচীৰ অংশ হিচাপে ২০ ডিচেম্বৰত ব্ৰহ্মপুত্ৰৰ বুকুত জাহাজত এক বিশেষ অনুষ্ঠান অনুষ্ঠিত হ'ব। ৰাজ্যৰ বিভিন্ন প্ৰান্তৰ পৰা নিৰ্বাচিত ৩০ গৰাকী শিক্ষাৰ্থীয়ে প্ৰধানমন্ত্ৰীৰ সৈতে পৰীক্ষাৰ প্ৰস্তুতি আৰু মানসিক চাপ নিয়ন্ত্ৰণৰ বিষয়ে আলোচনা কৰিব। শিক্ষা বিভাগে এই সম্পৰ্কে প্ৰয়োজনীয় ব্যৱস্থা গ্ৰহণ কৰিছে।
প্ৰধানমন্ত্ৰীৰ সৈতে 'পৰীক্ষা পে চৰ্চা' কাৰ্যসূচীৰ অংশ হিচাপে ২০ ডিচেম্বৰত ব্ৰহ্মপুত্ৰৰ বুকুত জাহাজত এক বিশেষ অনুষ্ঠান অনুষ্ঠিত হ'ব। ৰাজ্যৰ বিভিন্ন প্ৰান্তৰ পৰা নিৰ্বাচিত ৩০ গৰাকী শিক্ষাৰ্থীয়ে প্ৰধানমন্ত্ৰীৰ সৈতে পৰীক্ষাৰ প্ৰস্তুতি আৰু মানসিক চাপ নিয়ন্ত্ৰণৰ বিষয়ে আলোচনা কৰিব। শিক্ষা বিভাগে এই সম্পৰ্কে প্ৰয়োজনীয় ব্যৱস্থা গ্ৰহণ কৰিছে।
বান্দৰামি নকৰিবি, এক চৰত ৩২টা দাঁত ভাঙি দিম
বাবে সাধাৰণ শিবোনামত থকা বিধায়কজনে এইবাৰ দলত নিৰ্মাণৰ দায়িত্ব থকা চৰকাৰী বিষয়াক ভাবুকি দিয়াৰ অভিযোগ উঠিছে। কাম-কাজৰ অগ্ৰগতি সন্তোষজনক নোহোৱাত তেওঁ ক্ষোভ প্ৰকাশ কৰি এনে মন্তব্য কৰে বুলি জনা গৈছে। ঘটনাটোৰ ভিডিঅ' সামাজিক মাধ্যমত ভাইৰেল হোৱাৰ পাছত বিভিন্ন মহলৰ পৰা তীব্ৰ সমালোচনা আৰম্ভ হৈছে।
বাবে সাধাৰণ শিবোনামত থকা বিধায়কজনে এইবাৰ দলত নিৰ্মাণৰ দায়িত্ব থকা চৰকাৰী বিষয়াক ভাবুকি দিয়াৰ অভিযোগ উঠিছে। কাম-কাজৰ অগ্ৰগতি সন্তোষজনক নোহোৱাত তেওঁ ক্ষোভ প্ৰকাশ কৰি এনে মন্তব্য কৰে বুলি জনা গৈছে। ঘটনাটোৰ ভিডিঅ' সামাজিক মাধ্যমত ভাইৰেল হোৱাৰ পাছত বিভিন্ন মহলৰ পৰা তীব্ৰ সমালোচনা আৰম্ভ হৈছে।
বাবে সাধাৰণ শিবোনামত থকা বিধায়কজনে এইবাৰ দলত নিৰ্মাণৰ দায়িত্ব থকা চৰকাৰী বিষয়াক ভাবুকি দিয়াৰ অভিযোগ উঠিছে। কাম-কাজৰ অগ্ৰগতি সন্তোষজনক নোহোৱাত তেওঁ ক্ষোভ প্ৰকাশ কৰি এনে মন্তব্য কৰে বুলি জনা গৈছে। ঘটনাটোৰ ভিডিঅ' সামাজিক মাধ্যমত ভাইৰেল হোৱাৰ পাছত বিভিন্ন মহলৰ পৰা তীব্ৰ সমালোচনা আৰম্ভ হৈছে।
বাবে সাধাৰণ শিবোনামত থকা বিধায়কজনে এইবাৰ দলত নিৰ্মাণৰ দায়িত্ব থকা চৰকাৰী বিষয়াক ভাবুকি দিয়াৰ অভিযোগ উঠিছে। কাম-কাজৰ অগ্ৰগতি সন্তোষজনক নোহোৱাত তেওঁ ক্ষোভ প্ৰকাশ কৰি এনে মন্তব্য কৰে বুলি জনা গৈছে। ঘটনাটোৰ ভিডিঅ' সামাজিক মাধ্যমত ভাইৰেল হোৱাৰ পাছত বিভিন্ন মহলৰ পৰা তীব্ৰ সমালোচনা আৰম্ভ হৈছে।
২০ ডিচেম্বৰৰ পৰা সমগ্ৰ ৰাজ্যত পূৰ্ণগতিত আৰম্ভ হ'ব 'ৰাইজৰ পদূলিত ৰাইজৰ কংগ্ৰেছ' কাৰ্যসূচী
কেমেৰাৰ সমুখত আলোচনা নহয়, আজমলক নাকচ গৌৰৱৰ
ষ্টাফ ৰিপৰ্টাৰ, খবৰ, ১৬ ডিচেম্বৰ : অহা ২০ ডিচেম্বৰৰ পৰা সমগ্ৰ ৰাজ্যতে পূৰ্ণগতিত আৰম্ভ হ'ব 'ৰাইজৰ পদূলিত ৰাইজৰ কংগ্ৰেছ' শীৰ্ষক কাৰ্যসূচী। এই কাৰ্যসূচীৰ জৰিয়তে দলৰ নেতা-কৰ্মীসকলে ঘৰে ঘৰে গৈ ৰাইজৰ সৈতে প্ৰত্যক্ষ যোগাযোগ স্থাপন কৰিব। প্ৰদেশ কংগ্ৰেছৰ সভাপতি গৌৰৱ গগৈয়ে এক সংবাদমেলত এই কথা জনায়। এআইইউডিএফৰ সৈতে মিত্ৰতাৰ প্ৰশ্নত তেওঁ স্পষ্টভাৱে জনায় যে কেমেৰাৰ সমুখত এনে আলোচনা নহয়, দলৰ সিদ্ধান্ত স্পষ্ট। বিৰোধী ঐক্যৰ বিষয়ে আলোচনা হ'ব পাৰে, কিন্তু বদৰুদ্দিন আজমলৰ দলৰ সৈতে কোনো সমিধান নহয় বুলি গগৈয়ে উল্লেখ কৰে। জুবিন গাৰ্গৰ মৃত্যুৰ ঘটনাৰ ন্যায়ৰ দাবীতো দলে আন্দোলন অব্যাহত ৰাখিব। ষ্টাফ ৰিপৰ্টাৰ, খবৰ, ১৬ ডিচেম্বৰ : অহা ২০ ডিচেম্বৰৰ পৰা সমগ্ৰ ৰাজ্যতে পূৰ্ণগতিত আৰম্ভ হ'ব 'ৰাইজৰ পদূলিত ৰাইজৰ কংগ্ৰেছ' শীৰ্ষক কাৰ্যসূচী। এই কাৰ্যসূচীৰ জৰিয়তে দলৰ নেতা-কৰ্মীসকলে ঘৰে ঘৰে গৈ ৰাইজৰ সৈতে প্ৰত্যক্ষ যোগাযোগ স্থাপন কৰিব। প্ৰদেশ কংগ্ৰেছৰ সভাপতি গৌৰৱ গগৈয়ে এক সংবাদমেলত এই কথা জনায়। এআইইউডিএফৰ সৈতে মিত্ৰতাৰ প্ৰশ্নত তেওঁ স্পষ্টভাৱে জনায় যে কেমেৰাৰ সমুখত এনে আলোচনা নহয়, দলৰ সিদ্ধান্ত স্পষ্ট। বিৰোধী ঐক্যৰ বিষয়ে আলোচনা হ'ব পাৰে, কিন্তু বদৰুদ্দিন আজমলৰ দলৰ সৈতে কোনো সমিধান নহয় বুলি গগৈয়ে উল্লেখ কৰে। জুবিন গাৰ্গৰ মৃত্যুৰ ঘটনাৰ ন্যায়ৰ দাবীতো দলে আন্দোলন অব্যাহত ৰাখিব।
